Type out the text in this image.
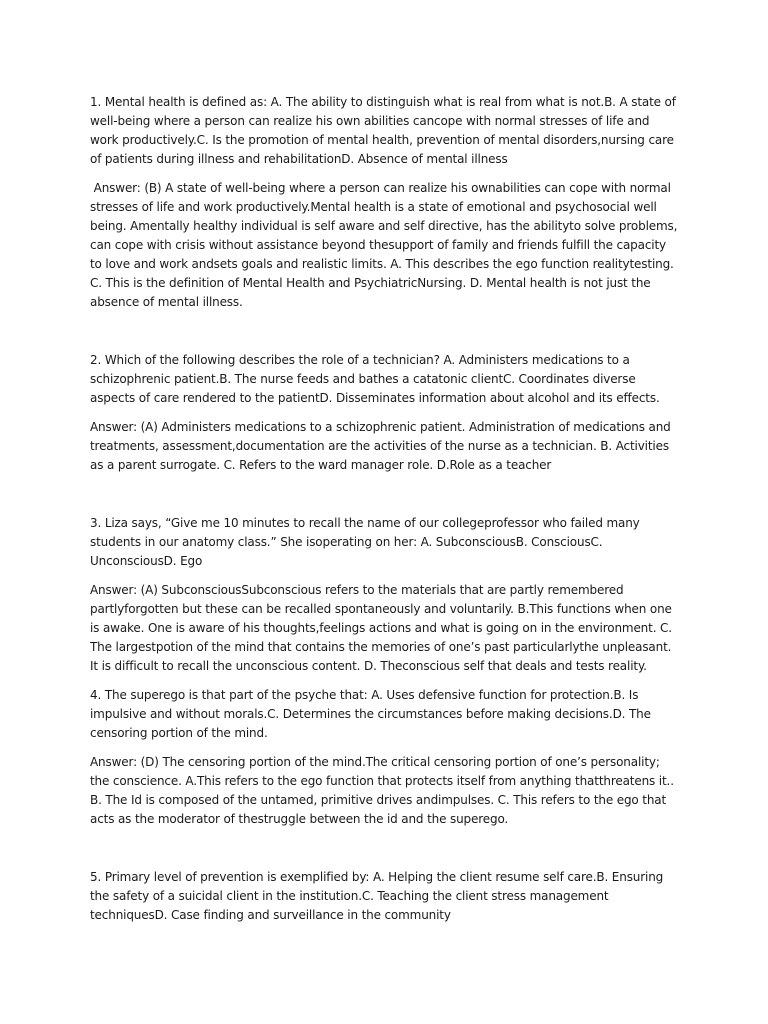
1. Mental health is defined as: A. The ability to distinguish what is real from what is not.B. A state of well-being where a person can realize his own abilities cancope with normal stresses of life and work productively.C. Is the promotion of mental health, prevention of mental disorders,nursing care of patients during illness and rehabilitationD. Absence of mental illness

Answer: (B) A state of well-being where a person can realize his ownabilities can cope with normal stresses of life and work productively.Mental health is a state of emotional and psychosocial well being. Amentally healthy individual is self aware and self directive, has the abilityto solve problems, can cope with crisis without assistance beyond thesupport of family and friends fulfill the capacity to love and work andsets goals and realistic limits. A. This describes the ego function realitytesting. C. This is the definition of Mental Health and PsychiatricNursing. D. Mental health is not just the absence of mental illness.

2. Which of the following describes the role of a technician? A. Administers medications to a schizophrenic patient.B. The nurse feeds and bathes a catatonic clientC. Coordinates diverse aspects of care rendered to the patientD. Disseminates information about alcohol and its effects.

Answer: (A) Administers medications to a schizophrenic patient. Administration of medications and treatments, assessment,documentation are the activities of the nurse as a technician. B. Activities as a parent surrogate. C. Refers to the ward manager role. D.Role as a teacher

3. Liza says, “Give me 10 minutes to recall the name of our collegeprofessor who failed many students in our anatomy class.” She isoperating on her: A. SubconsciousB. ConsciousC. UnconsciousD. Ego

Answer: (A) SubconsciousSubconscious refers to the materials that are partly remembered partlyforgotten but these can be recalled spontaneously and voluntarily. B.This functions when one is awake. One is aware of his thoughts,feelings actions and what is going on in the environment. C. The largestpotion of the mind that contains the memories of one’s past particularlythe unpleasant. It is difficult to recall the unconscious content. D. Theconscious self that deals and tests reality.

4. The superego is that part of the psyche that: A. Uses defensive function for protection.B. Is impulsive and without morals.C. Determines the circumstances before making decisions.D. The censoring portion of the mind.

Answer: (D) The censoring portion of the mind.The critical censoring portion of one’s personality; the conscience. A.This refers to the ego function that protects itself from anything thatthreatens it.. B. The Id is composed of the untamed, primitive drives andimpulses. C. This refers to the ego that acts as the moderator of thestruggle between the id and the superego.

5. Primary level of prevention is exemplified by: A. Helping the client resume self care.B. Ensuring the safety of a suicidal client in the institution.C. Teaching the client stress management techniquesD. Case finding and surveillance in the community
